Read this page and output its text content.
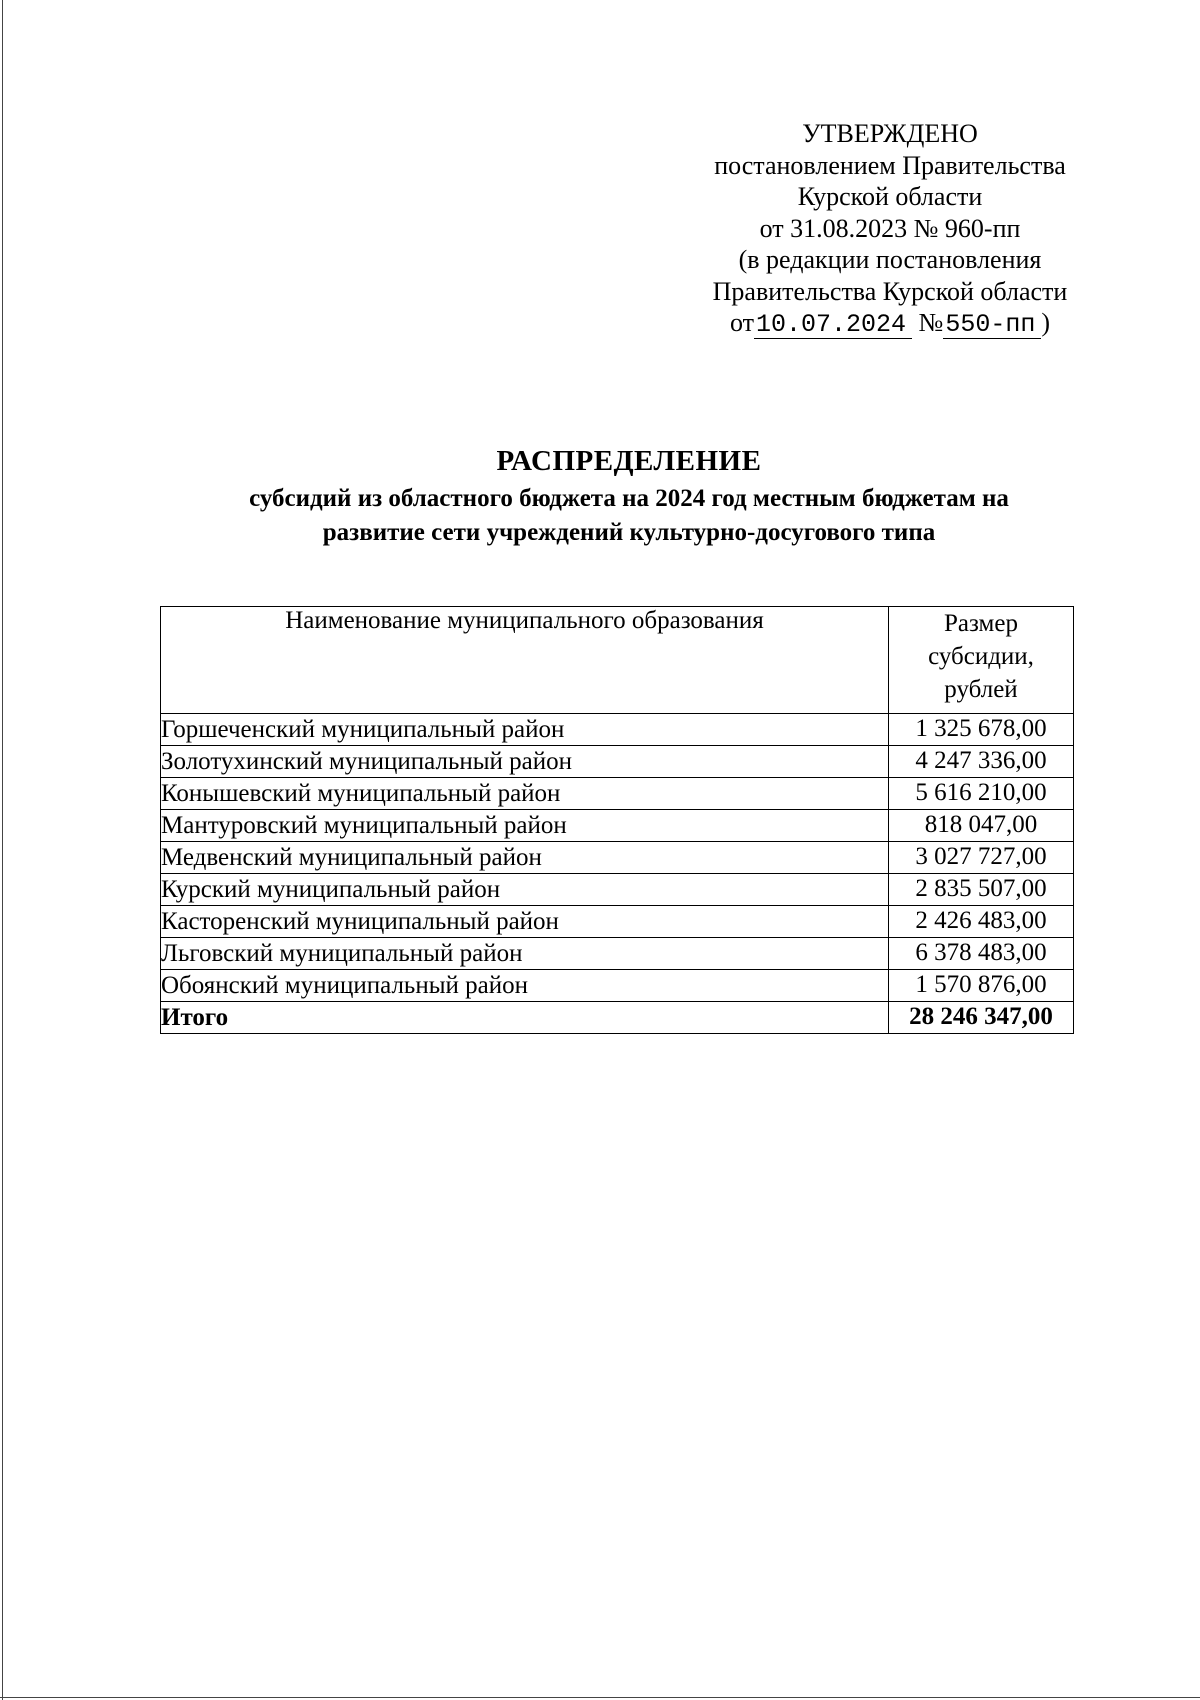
УТВЕРЖДЕНО
постановлением Правительства
Курской области
от 31.08.2023 № 960-пп
(в редакции постановления
Правительства Курской области
от10.07.2024 №550-пп )
РАСПРЕДЕЛЕНИЕ
субсидий из областного бюджета на 2024 год местным бюджетам на
развитие сети учреждений культурно-досугового типа
Наименование муниципального образования	Размер
субсидии,
рублей

Горшеченский муниципальный район	1 325 678,00
Золотухинский муниципальный район	4 247 336,00
Конышевский муниципальный район	5 616 210,00
Мантуровский муниципальный район	818 047,00
Медвенский муниципальный район	3 027 727,00
Курский муниципальный район	2 835 507,00
Касторенский муниципальный район	2 426 483,00
Льговский муниципальный район	6 378 483,00
Обоянский муниципальный район	1 570 876,00
Итого	28 246 347,00
